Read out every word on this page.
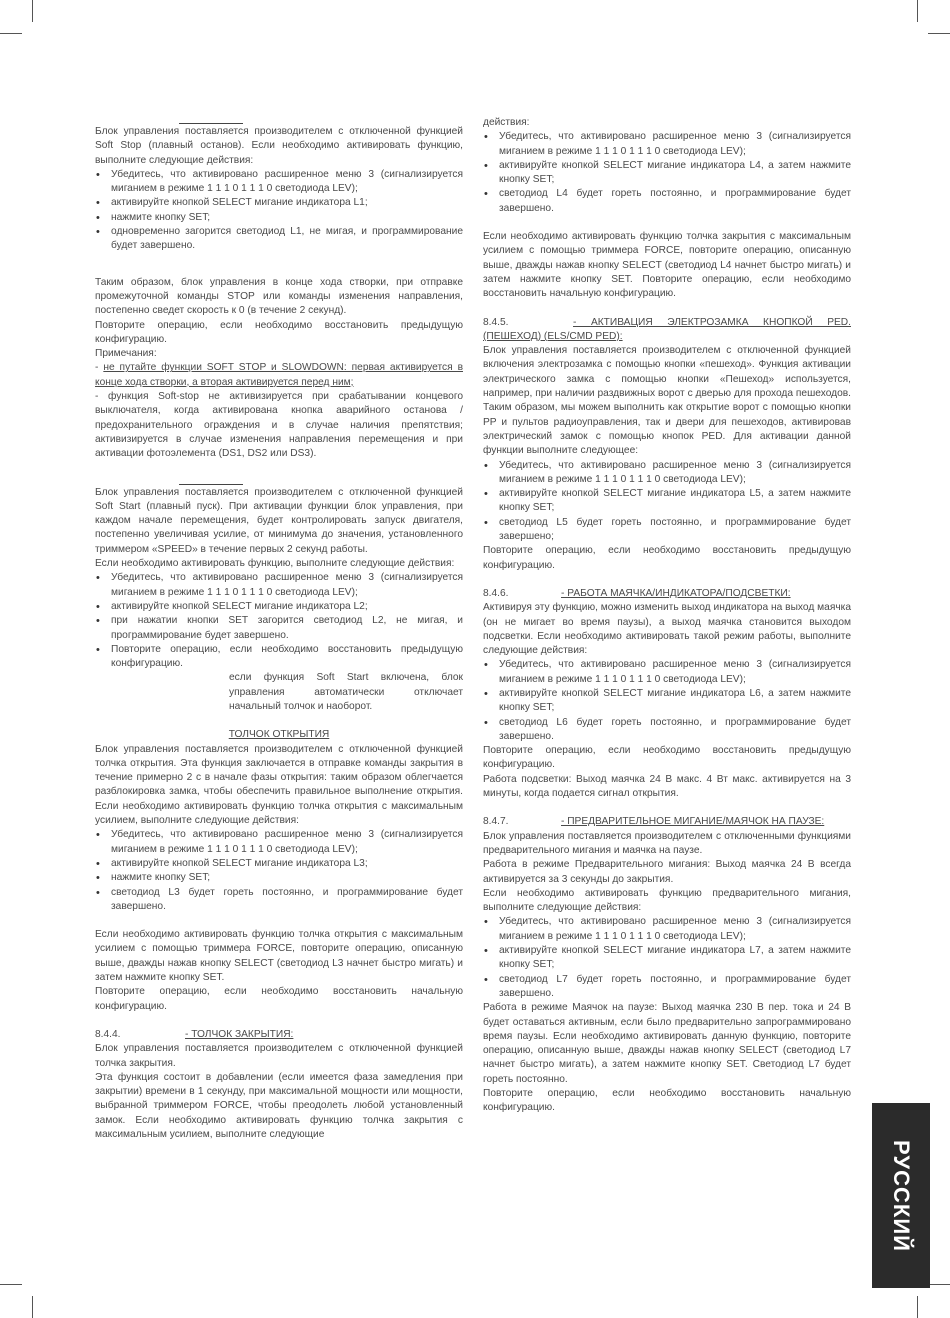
Блок управления поставляется производителем с отключенной функцией Soft Stop (плавный останов). Если необходимо активировать функцию, выполните следующие действия:

• Убедитесь, что активировано расширенное меню 3 (сигнализируется миганием в режиме 1 1 1 0 1 1 1 0 светодиода LEV);
• активируйте кнопкой SELECT мигание индикатора L1;
• нажмите кнопку SET;
• одновременно загорится светодиод L1, не мигая, и программирование будет завершено.

Таким образом, блок управления в конце хода створки, при отправке промежуточной команды STOP или команды изменения направления, постепенно сведет скорость к 0 (в течение 2 секунд).

Повторите операцию, если необходимо восстановить предыдущую конфигурацию.

Примечания:

- не путайте функции SOFT STOP и SLOWDOWN: первая активируется в конце хода створки, а вторая активируется перед ним;

- функция Soft-stop не активизируется при срабатывании концевого выключателя, когда активирована кнопка аварийного останова / предохранительного ограждения и в случае наличия препятствия; активизируется в случае изменения направления перемещения и при активации фотоэлемента (DS1, DS2 или DS3).

Блок управления поставляется производителем с отключенной функцией Soft Start (плавный пуск). При активации функции блок управления, при каждом начале перемещения, будет контролировать запуск двигателя, постепенно увеличивая усилие, от минимума до значения, установленного триммером «SPEED» в течение первых 2 секунд работы.

Если необходимо активировать функцию, выполните следующие действия:

• Убедитесь, что активировано расширенное меню 3 (сигнализируется миганием в режиме 1 1 1 0 1 1 1 0 светодиода LEV);
• активируйте кнопкой SELECT мигание индикатора L2;
• при нажатии кнопки SET загорится светодиод L2, не мигая, и программирование будет завершено.
• Повторите операцию, если необходимо восстановить предыдущую конфигурацию.

если функция Soft Start включена, блок управления автоматически отключает начальный толчок и наоборот.

ТОЛЧОК ОТКРЫТИЯ

Блок управления поставляется производителем с отключенной функцией толчка открытия. Эта функция заключается в отправке команды закрытия в течение примерно 2 с в начале фазы открытия: таким образом облегчается разблокировка замка, чтобы обеспечить правильное выполнение открытия. Если необходимо активировать функцию толчка открытия с максимальным усилием, выполните следующие действия:

• Убедитесь, что активировано расширенное меню 3 (сигнализируется миганием в режиме 1 1 1 0 1 1 1 0 светодиода LEV);
• активируйте кнопкой SELECT мигание индикатора L3;
• нажмите кнопку SET;
• светодиод L3 будет гореть постоянно, и программирование будет завершено.

Если необходимо активировать функцию толчка открытия с максимальным усилием с помощью триммера FORCE, повторите операцию, описанную выше, дважды нажав кнопку SELECT (светодиод L3 начнет быстро мигать) и затем нажмите кнопку SET.

Повторите операцию, если необходимо восстановить начальную конфигурацию.

8.4.4.	- ТОЛЧОК ЗАКРЫТИЯ:

Блок управления поставляется производителем с отключенной функцией толчка закрытия.

Эта функция состоит в добавлении (если имеется фаза замедления при закрытии) времени в 1 секунду, при максимальной мощности или мощности, выбранной триммером FORCE, чтобы преодолеть любой установленный замок. Если необходимо активировать функцию толчка закрытия с максимальным усилием, выполните следующие

действия:

• Убедитесь, что активировано расширенное меню 3 (сигнализируется миганием в режиме 1 1 1 0 1 1 1 0 светодиода LEV);
• активируйте кнопкой SELECT мигание индикатора L4, а затем нажмите кнопку SET;
• светодиод L4 будет гореть постоянно, и программирование будет завершено.

Если необходимо активировать функцию толчка закрытия с максимальным усилием с помощью триммера FORCE, повторите операцию, описанную выше, дважды нажав кнопку SELECT (светодиод L4 начнет быстро мигать) и затем нажмите кнопку SET. Повторите операцию, если необходимо восстановить начальную конфигурацию.

8.4.5.	- АКТИВАЦИЯ ЭЛЕКТРОЗАМКА КНОПКОЙ PED. (ПЕШЕХОД) (ELS/CMD PED):

Блок управления поставляется производителем с отключенной функцией включения электрозамка с помощью кнопки «пешеход». Функция активации электрического замка с помощью кнопки «Пешеход» используется, например, при наличии раздвижных ворот с дверью для прохода пешеходов. Таким образом, мы можем выполнить как открытие ворот с помощью кнопки PP и пультов радиоуправления, так и двери для пешеходов, активировав электрический замок с помощью кнопок PED. Для активации данной функции выполните следующее:

• Убедитесь, что активировано расширенное меню 3 (сигнализируется миганием в режиме 1 1 1 0 1 1 1 0 светодиода LEV);
• активируйте кнопкой SELECT мигание индикатора L5, а затем нажмите кнопку SET;
• светодиод L5 будет гореть постоянно, и программирование будет завершено;

Повторите операцию, если необходимо восстановить предыдущую конфигурацию.

8.4.6.	- РАБОТА МАЯЧКА/ИНДИКАТОРА/ПОДСВЕТКИ:

Активируя эту функцию, можно изменить выход индикатора на выход маячка (он не мигает во время паузы), а выход маячка становится выходом подсветки. Если необходимо активировать такой режим работы, выполните следующие действия:

• Убедитесь, что активировано расширенное меню 3 (сигнализируется миганием в режиме 1 1 1 0 1 1 1 0 светодиода LEV);
• активируйте кнопкой SELECT мигание индикатора L6, а затем нажмите кнопку SET;
• светодиод L6 будет гореть постоянно, и программирование будет завершено.

Повторите операцию, если необходимо восстановить предыдущую конфигурацию.

Работа подсветки: Выход маячка 24 В макс. 4 Вт макс. активируется на 3 минуты, когда подается сигнал открытия.

8.4.7.	- ПРЕДВАРИТЕЛЬНОЕ МИГАНИЕ/МАЯЧОК НА ПАУЗЕ:

Блок управления поставляется производителем с отключенными функциями предварительного мигания и маячка на паузе.

Работа в режиме Предварительного мигания: Выход маячка 24 В всегда активируется за 3 секунды до закрытия.

Если необходимо активировать функцию предварительного мигания, выполните следующие действия:

• Убедитесь, что активировано расширенное меню 3 (сигнализируется миганием в режиме 1 1 1 0 1 1 1 0 светодиода LEV);
• активируйте кнопкой SELECT мигание индикатора L7, а затем нажмите кнопку SET;
• светодиод L7 будет гореть постоянно, и программирование будет завершено.

Работа в режиме Маячок на паузе: Выход маячка 230 В пер. тока и 24 В будет оставаться активным, если было предварительно запрограммировано время паузы. Если необходимо активировать данную функцию, повторите операцию, описанную выше, дважды нажав кнопку SELECT (светодиод L7 начнет быстро мигать), а затем нажмите кнопку SET. Светодиод L7 будет гореть постоянно.

Повторите операцию, если необходимо восстановить начальную конфигурацию.

РУССКИЙ
